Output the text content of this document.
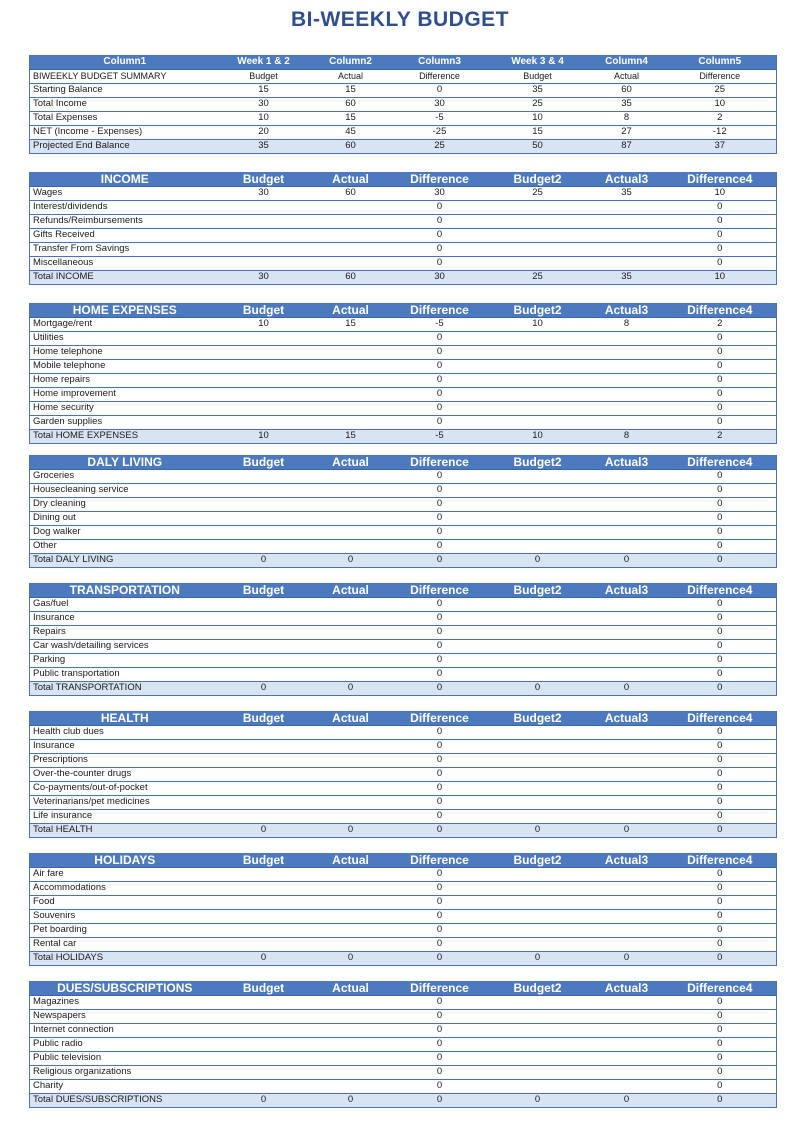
BI-WEEKLY BUDGET
Column1	Week 1 & 2	Column2	Column3	Week 3 & 4	Column4	Column5
BIWEEKLY BUDGET SUMMARY	Budget	Actual	Difference	Budget	Actual	Difference
Starting Balance	15	15	0	35	60	25
Total Income	30	60	30	25	35	10
Total Expenses	10	15	-5	10	8	2
NET (Income - Expenses)	20	45	-25	15	27	-12
Projected End Balance	35	60	25	50	87	37
INCOME	Budget	Actual	Difference	Budget2	Actual3	Difference4
Wages	30	60	30	25	35	10
Interest/dividends			0			0
Refunds/Reimbursements			0			0
Gifts Received			0			0
Transfer From Savings			0			0
Miscellaneous			0			0
Total INCOME	30	60	30	25	35	10
HOME EXPENSES	Budget	Actual	Difference	Budget2	Actual3	Difference4
Mortgage/rent	10	15	-5	10	8	2
Utilities			0			0
Home telephone			0			0
Mobile telephone			0			0
Home repairs			0			0
Home improvement			0			0
Home security			0			0
Garden supplies			0			0
Total HOME EXPENSES	10	15	-5	10	8	2
DALY LIVING	Budget	Actual	Difference	Budget2	Actual3	Difference4
Groceries			0			0
Housecleaning service			0			0
Dry cleaning			0			0
Dining out			0			0
Dog walker			0			0
Other			0			0
Total DALY LIVING	0	0	0	0	0	0
TRANSPORTATION	Budget	Actual	Difference	Budget2	Actual3	Difference4
Gas/fuel			0			0
Insurance			0			0
Repairs			0			0
Car wash/detailing services			0			0
Parking			0			0
Public transportation			0			0
Total TRANSPORTATION	0	0	0	0	0	0
HEALTH	Budget	Actual	Difference	Budget2	Actual3	Difference4
Health club dues			0			0
Insurance			0			0
Prescriptions			0			0
Over-the-counter drugs			0			0
Co-payments/out-of-pocket			0			0
Veterinarians/pet medicines			0			0
Life insurance			0			0
Total HEALTH	0	0	0	0	0	0
HOLIDAYS	Budget	Actual	Difference	Budget2	Actual3	Difference4
Air fare			0			0
Accommodations			0			0
Food			0			0
Souvenirs			0			0
Pet boarding			0			0
Rental car			0			0
Total HOLIDAYS	0	0	0	0	0	0
DUES/SUBSCRIPTIONS	Budget	Actual	Difference	Budget2	Actual3	Difference4
Magazines			0			0
Newspapers			0			0
Internet connection			0			0
Public radio			0			0
Public television			0			0
Religious organizations			0			0
Charity			0			0
Total DUES/SUBSCRIPTIONS	0	0	0	0	0	0
